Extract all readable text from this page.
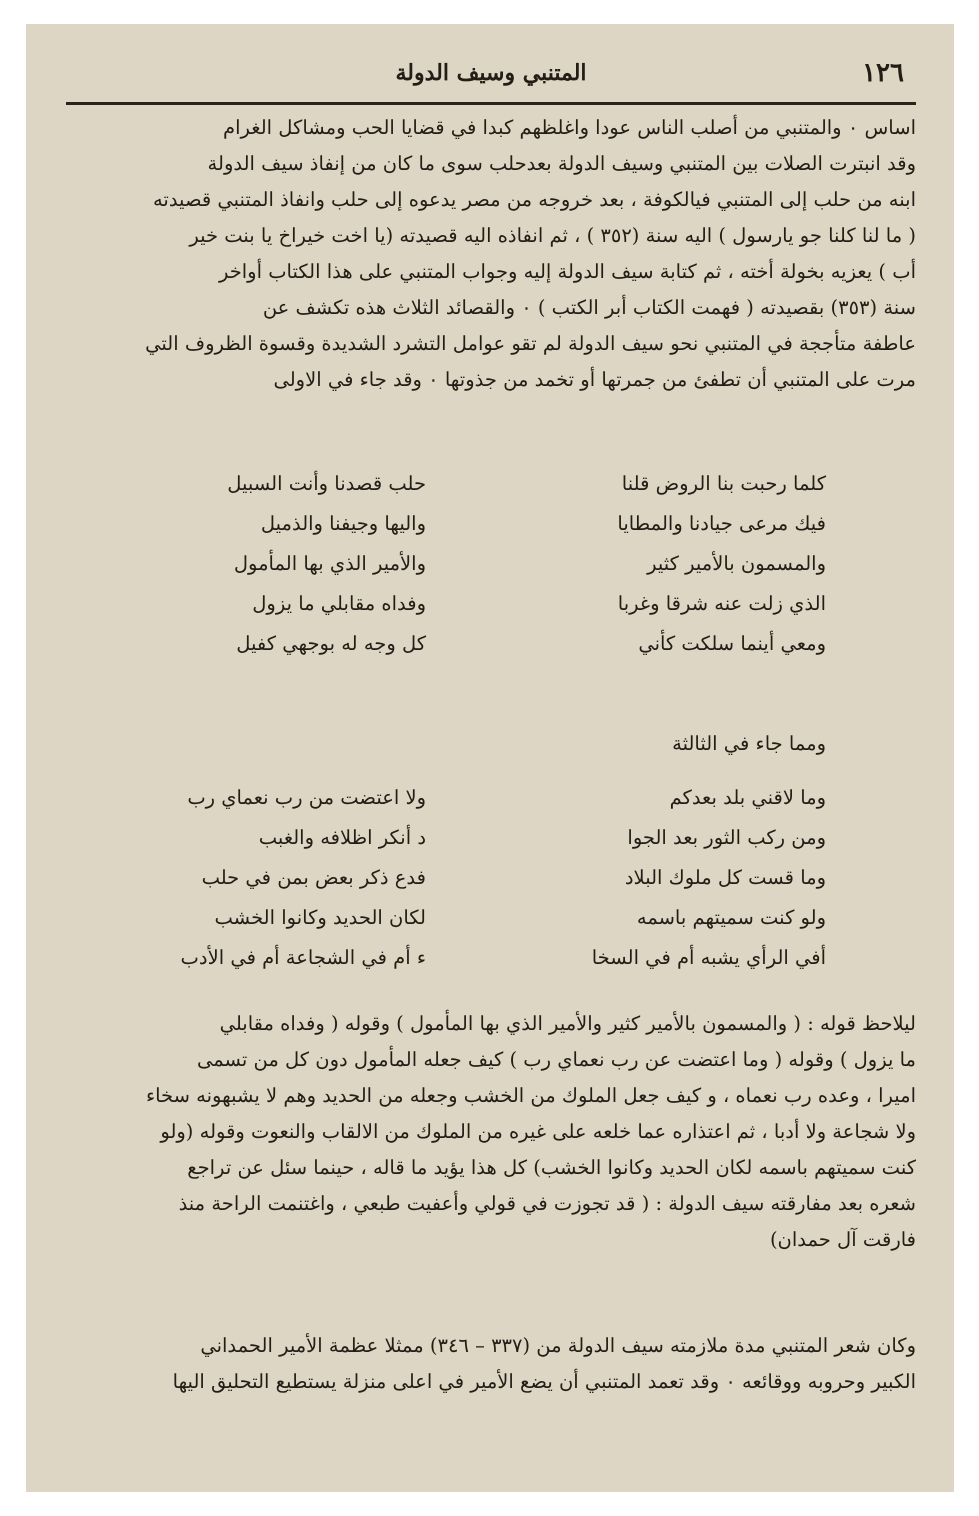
١٢٦
المتنبي وسيف الدولة
اساس ٠ والمتنبي من أصلب الناس عودا واغلظهم كبدا في قضايا الحب ومشاكل الغرام
وقد انبترت الصلات بين المتنبي وسيف الدولة بعدحلب سوى ما كان من إنفاذ سيف الدولة
ابنه من حلب إلى المتنبي فيالكوفة ، بعد خروجه من مصر يدعوه إلى حلب وانفاذ المتنبي قصيدته
( ما لنا كلنا جو يارسول ) اليه سنة (٣٥٢ ) ، ثم انفاذه اليه قصيدته (يا اخت خيراخ يا بنت خير
أب ) يعزيه بخولة أخته ، ثم كتابة سيف الدولة إليه وجواب المتنبي على هذا الكتاب أواخر
سنة (٣٥٣) بقصيدته ( فهمت الكتاب أبر الكتب ) ٠ والقصائد الثلاث هذه تكشف عن
عاطفة متأججة في المتنبي نحو سيف الدولة لم تقو عوامل التشرد الشديدة وقسوة الظروف التي
مرت على المتنبي أن تطفئ من جمرتها أو تخمد من جذوتها ٠ وقد جاء في الاولى
كلما رحبت بنا الروض قلنا
حلب قصدنا وأنت السبيل
فيك مرعى جيادنا والمطايا
واليها وجيفنا والذميل
والمسمون بالأمير كثير
والأمير الذي بها المأمول
الذي زلت عنه شرقا وغربا
وفداه مقابلي ما يزول
ومعي أينما سلكت كأني
كل وجه له بوجهي كفيل
ومما جاء في الثالثة
وما لاقني بلد بعدكم
ولا اعتضت من رب نعماي رب
ومن ركب الثور بعد الجوا
د أنكر اظلافه والغبب
وما قست كل ملوك البلاد
فدع ذكر بعض بمن في حلب
ولو كنت سميتهم باسمه
لكان الحديد وكانوا الخشب
أفي الرأي يشبه أم في السخا
ء أم في الشجاعة أم في الأدب
ليلاحظ قوله : ( والمسمون بالأمير كثير والأمير الذي بها المأمول ) وقوله ( وفداه مقابلي
ما يزول ) وقوله ( وما اعتضت عن رب نعماي رب ) كيف جعله المأمول دون كل من تسمى
اميرا ، وعده رب نعماه ، و كيف جعل الملوك من الخشب وجعله من الحديد وهم لا يشبهونه سخاء
ولا شجاعة ولا أدبا ، ثم اعتذاره عما خلعه على غيره من الملوك من الالقاب والنعوت وقوله (ولو
كنت سميتهم باسمه لكان الحديد وكانوا الخشب) كل هذا يؤيد ما قاله ، حينما سئل عن تراجع
شعره بعد مفارقته سيف الدولة : ( قد تجوزت في قولي وأعفيت طبعي ، واغتنمت الراحة منذ
فارقت آل حمدان)
وكان شعر المتنبي مدة ملازمته سيف الدولة من (٣٣٧ – ٣٤٦) ممثلا عظمة الأمير الحمداني
الكبير وحروبه ووقائعه ٠ وقد تعمد المتنبي أن يضع الأمير في اعلى منزلة يستطيع التحليق اليها
